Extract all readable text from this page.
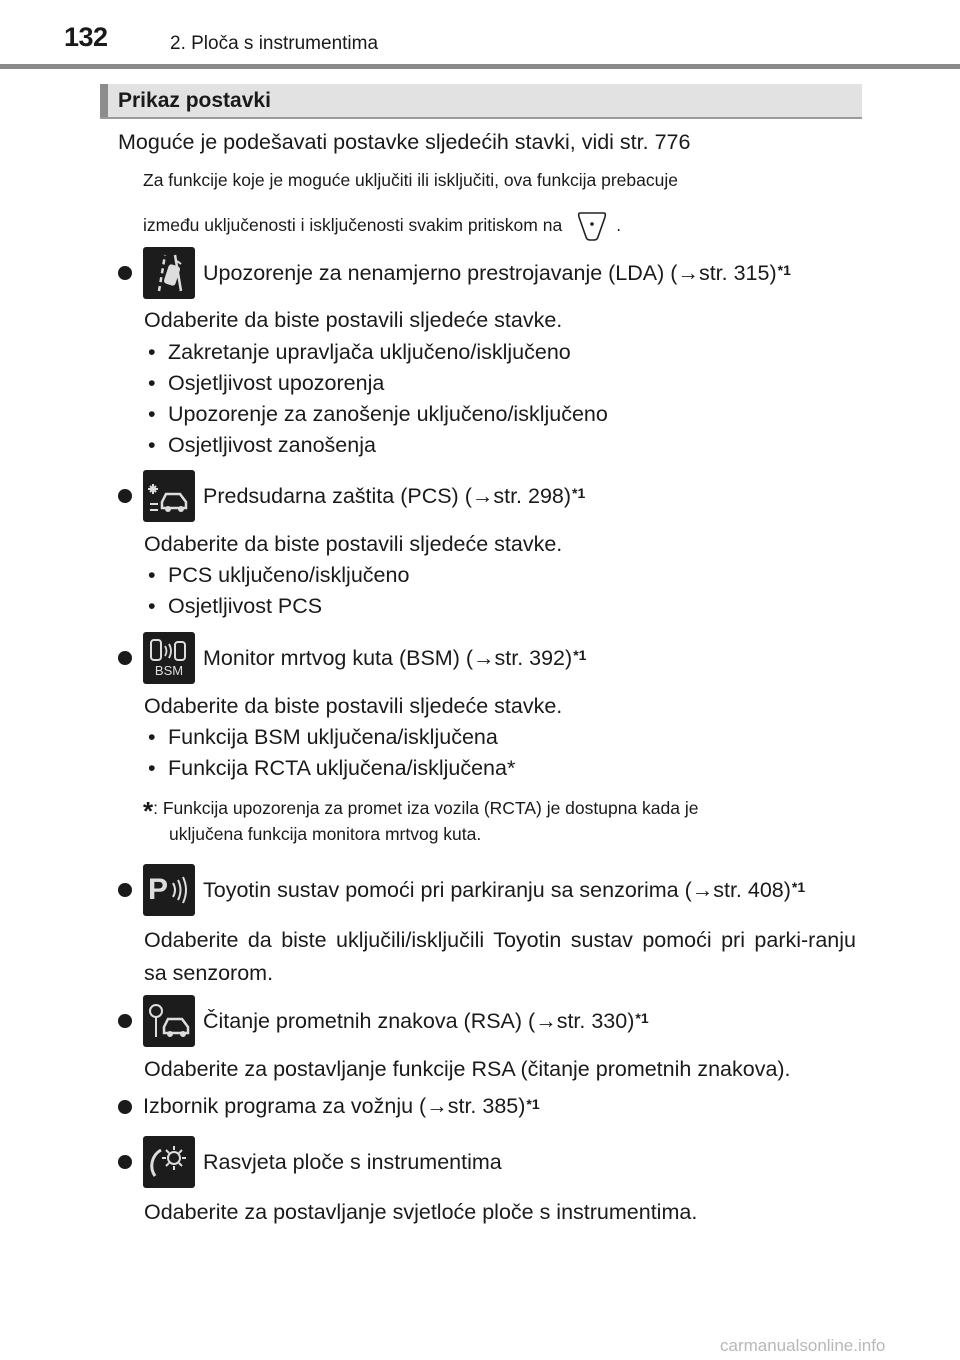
132	2. Ploča s instrumentima
Prikaz postavki
Moguće je podešavati postavke sljedećih stavki, vidi str. 776
Za funkcije koje je moguće uključiti ili isključiti, ova funkcija prebacuje
između uključenosti i isključenosti svakim pritiskom na	.
Upozorenje za nenamjerno prestrojavanje (LDA) ( → str. 315) *1
Odaberite da biste postavili sljedeće stavke.
• Zakretanje upravljača uključeno/isključeno
• Osjetljivost upozorenja
• Upozorenje za zanošenje uključeno/isključeno
• Osjetljivost zanošenja
Predsudarna zaštita (PCS) ( → str. 298) *1
Odaberite da biste postavili sljedeće stavke.
• PCS uključeno/isključeno
• Osjetljivost PCS
BSM
Monitor mrtvog kuta (BSM) ( → str. 392) *1
Odaberite da biste postavili sljedeće stavke.
• Funkcija BSM uključena/isključena
• Funkcija RCTA uključena/isključena*
*: Funkcija upozorenja za promet iza vozila (RCTA) je dostupna kada je
uključena funkcija monitora mrtvog kuta.
P Toyotin sustav pomoći pri parkiranju sa senzorima ( → str. 408) *1
Odaberite da biste uključili/isključili Toyotin sustav pomoći pri parki-ranju sa senzorom.
Čitanje prometnih znakova (RSA) ( → str. 330) *1
Odaberite za postavljanje funkcije RSA (čitanje prometnih znakova).
Izbornik programa za vožnju ( → str. 385) *1
Rasvjeta ploče s instrumentima
Odaberite za postavljanje svjetloće ploče s instrumentima.
carmanualsonline.info
